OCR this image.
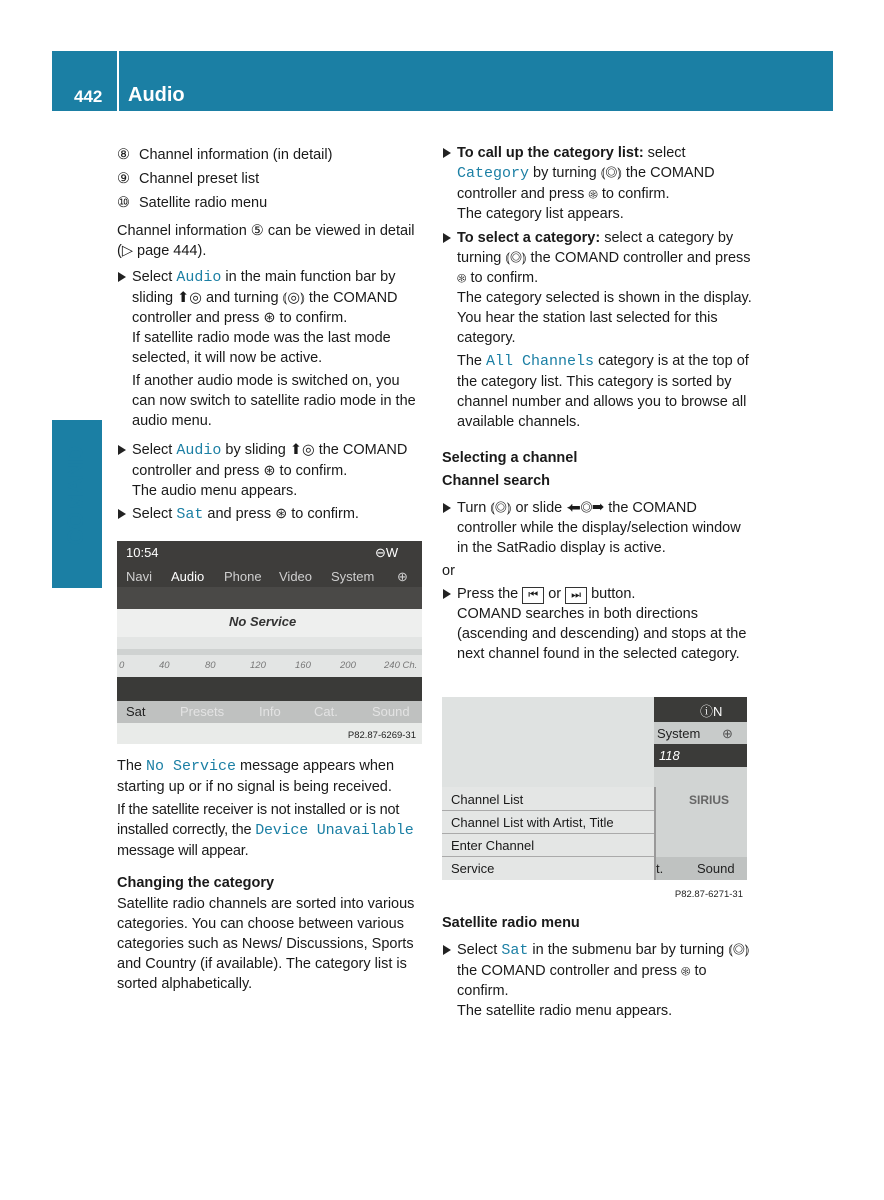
442 Audio
COMAND

⑧ Channel information (in detail)

⑨ Channel preset list

⑩ Satellite radio menu

Channel information ⑤ can be viewed in detail (▷ page 444).

Select Audio in the main function bar by sliding ⬆◎ and turning ⦅◎⦆ the COMAND controller and press ⊛ to confirm.

If satellite radio mode was the last mode selected, it will now be active.

If another audio mode is switched on, you can now switch to satellite radio mode in the audio menu.

Select Audio by sliding ⬆◎ the COMAND controller and press ⊛ to confirm.

The audio menu appears.

Select Sat and press ⊛ to confirm.

10:54	⊖W
Navi Audio Phone Video System ⊕
No Service
0	40	80	120	160	200	240 Ch.
Sat	Presets	Info	Cat.	Sound
P82.87-6269-31

The No Service message appears when starting up or if no signal is being received.

If the satellite receiver is not installed or is not installed correctly, the Device Unavailable message will appear.

Changing the category

Satellite radio channels are sorted into various categories. You can choose between various categories such as News/ Discussions, Sports and Country (if available). The category list is sorted alphabetically.

To call up the category list: select Category by turning ⦅◎⦆ the COMAND controller and press ⊛ to confirm.

The category list appears.

To select a category: select a category by turning ⦅◎⦆ the COMAND controller and press ⊛ to confirm.

The category selected is shown in the display. You hear the station last selected for this category.

The All Channels category is at the top of the category list. This category is sorted by channel number and allows you to browse all available channels.

Selecting a channel

Channel search

Turn ⦅◎⦆ or slide ⬅◎➡ the COMAND controller while the display/selection window in the SatRadio display is active.

or

Press the ⏮ or ⏭ button.

COMAND searches in both directions (ascending and descending) and stops at the next channel found in the selected category.

ⓘN
System ⊕
118
SIRIUS
t.	Sound
Channel List
Channel List with Artist, Title
Enter Channel
Service
P82.87-6271-31

Satellite radio menu

Select Sat in the submenu bar by turning ⦅◎⦆ the COMAND controller and press ⊛ to confirm.

The satellite radio menu appears.
